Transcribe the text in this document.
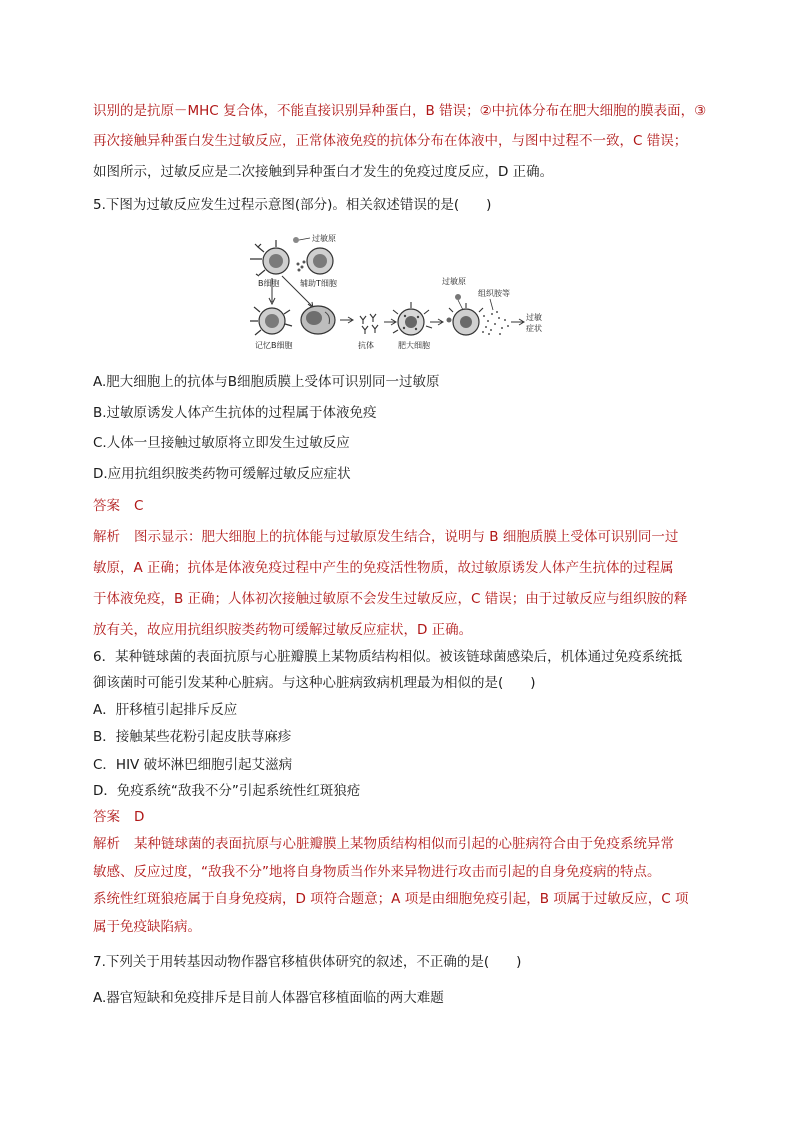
识别的是抗原－MHC 复合体，不能直接识别异种蛋白，B 错误；②中抗体分布在肥大细胞的膜表面，③
再次接触异种蛋白发生过敏反应，正常体液免疫的抗体分布在体液中，与图中过程不一致，C 错误；
如图所示，过敏反应是二次接触到异种蛋白才发生的免疫过度反应，D 正确。
5.下图为过敏反应发生过程示意图(部分)。相关叙述错误的是(　　)
过敏原
B细胞	辅助T细胞
记忆B细胞	抗体	肥大细胞
过敏原
组织胺等
过敏
症状
A.肥大细胞上的抗体与B细胞质膜上受体可识别同一过敏原
B.过敏原诱发人体产生抗体的过程属于体液免疫
C.人体一旦接触过敏原将立即发生过敏反应
D.应用抗组织胺类药物可缓解过敏反应症状
答案 C
解析 图示显示：肥大细胞上的抗体能与过敏原发生结合，说明与 B 细胞质膜上受体可识别同一过
敏原，A 正确；抗体是体液免疫过程中产生的免疫活性物质，故过敏原诱发人体产生抗体的过程属
于体液免疫，B 正确；人体初次接触过敏原不会发生过敏反应，C 错误；由于过敏反应与组织胺的释
放有关，故应用抗组织胺类药物可缓解过敏反应症状，D 正确。
6．某种链球菌的表面抗原与心脏瓣膜上某物质结构相似。被该链球菌感染后，机体通过免疫系统抵
御该菌时可能引发某种心脏病。与这种心脏病致病机理最为相似的是(　　)
A．肝移植引起排斥反应
B．接触某些花粉引起皮肤荨麻疹
C．HIV 破坏淋巴细胞引起艾滋病
D．免疫系统“敌我不分”引起系统性红斑狼疮
答案 D
解析 某种链球菌的表面抗原与心脏瓣膜上某物质结构相似而引起的心脏病符合由于免疫系统异常
敏感、反应过度，“敌我不分”地将自身物质当作外来异物进行攻击而引起的自身免疫病的特点。
系统性红斑狼疮属于自身免疫病，D 项符合题意；A 项是由细胞免疫引起，B 项属于过敏反应，C 项
属于免疫缺陷病。
7.下列关于用转基因动物作器官移植供体研究的叙述，不正确的是(　　)
A.器官短缺和免疫排斥是目前人体器官移植面临的两大难题
